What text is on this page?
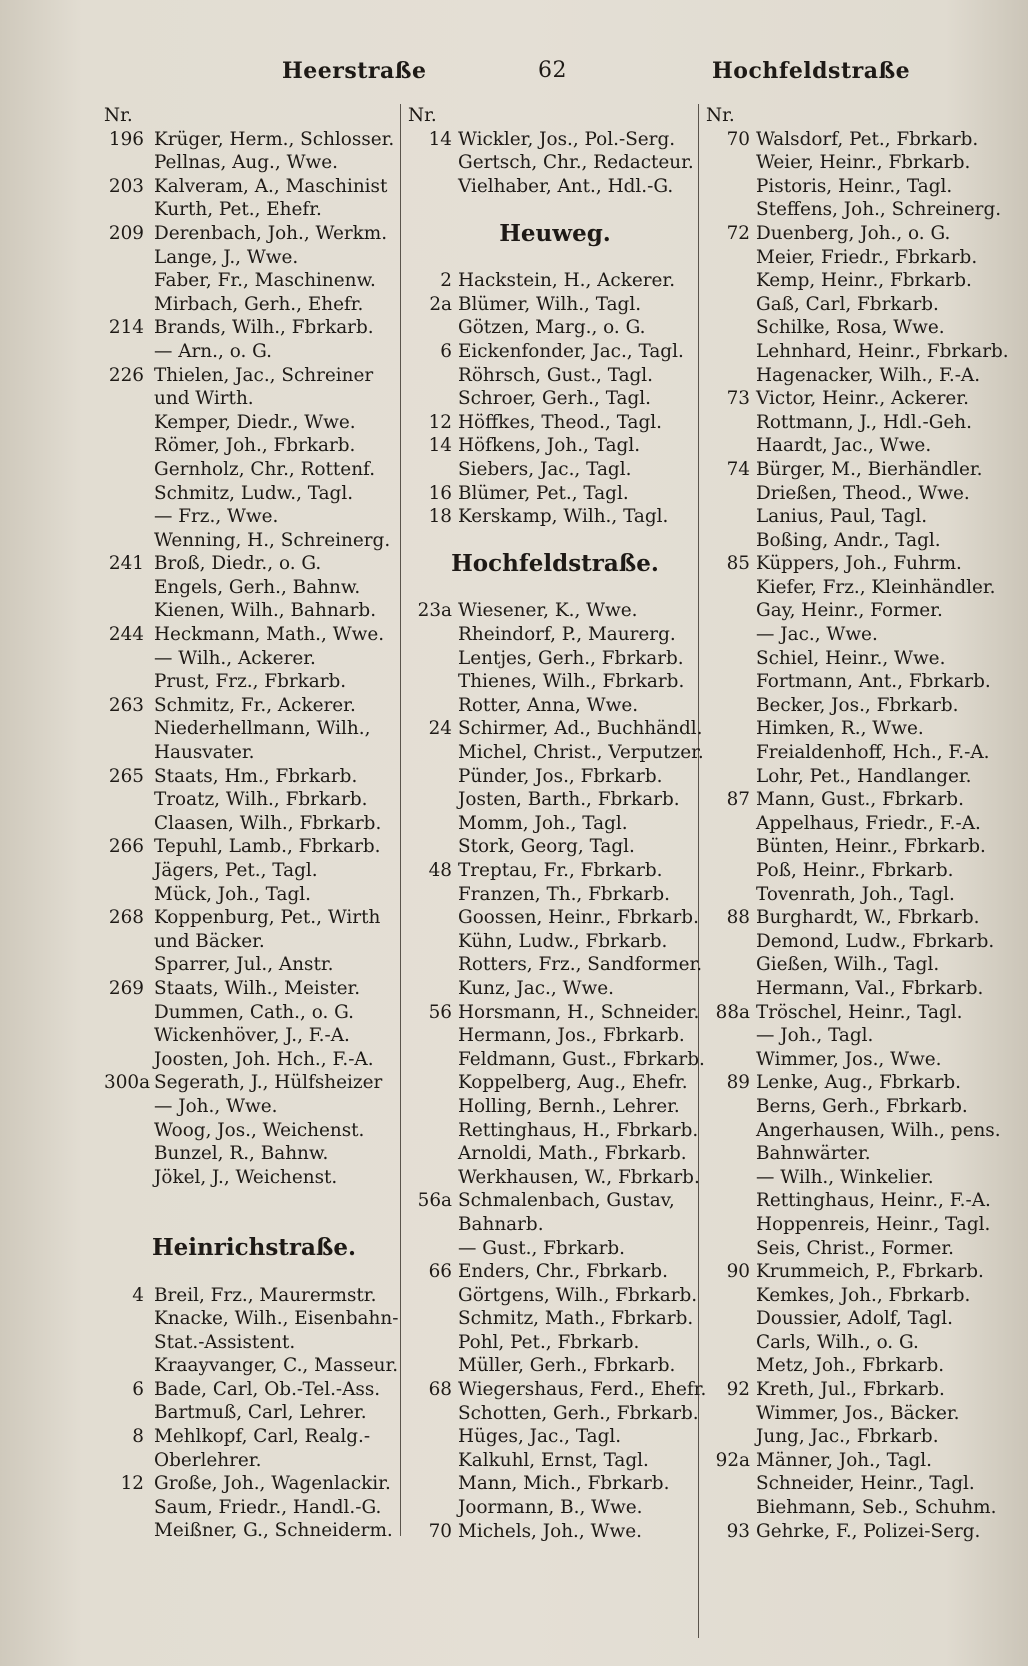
Heerstraße	62	Hochfeldstraße
Nr.
196 Krüger, Herm., Schlosser.
Pellnas, Aug., Wwe.
203 Kalveram, A., Maschinist
Kurth, Pet., Ehefr.
209 Derenbach, Joh., Werkm.
Lange, J., Wwe.
Faber, Fr., Maschinenw.
Mirbach, Gerh., Ehefr.
214 Brands, Wilh., Fbrkarb.
— Arn., o. G.
226 Thielen, Jac., Schreiner
und Wirth.
Kemper, Diedr., Wwe.
Römer, Joh., Fbrkarb.
Gernholz, Chr., Rottenf.
Schmitz, Ludw., Tagl.
— Frz., Wwe.
Wenning, H., Schreinerg.
241 Broß, Diedr., o. G.
Engels, Gerh., Bahnw.
Kienen, Wilh., Bahnarb.
244 Heckmann, Math., Wwe.
— Wilh., Ackerer.
Prust, Frz., Fbrkarb.
263 Schmitz, Fr., Ackerer.
Niederhellmann, Wilh.,
Hausvater.
265 Staats, Hm., Fbrkarb.
Troatz, Wilh., Fbrkarb.
Claasen, Wilh., Fbrkarb.
266 Tepuhl, Lamb., Fbrkarb.
Jägers, Pet., Tagl.
Mück, Joh., Tagl.
268 Koppenburg, Pet., Wirth
und Bäcker.
Sparrer, Jul., Anstr.
269 Staats, Wilh., Meister.
Dummen, Cath., o. G.
Wickenhöver, J., F.-A.
Joosten, Joh. Hch., F.-A.
300a Segerath, J., Hülfsheizer
— Joh., Wwe.
Woog, Jos., Weichenst.
Bunzel, R., Bahnw.
Jökel, J., Weichenst.
Heinrichstraße.
4 Breil, Frz., Maurermstr.
Knacke, Wilh., Eisenbahn-
Stat.-Assistent.
Kraayvanger, C., Masseur.
6 Bade, Carl, Ob.-Tel.-Ass.
Bartmuß, Carl, Lehrer.
8 Mehlkopf, Carl, Realg.-
Oberlehrer.
12 Große, Joh., Wagenlackir.
Saum, Friedr., Handl.-G.
Meißner, G., Schneiderm.
Nr.
14 Wickler, Jos., Pol.-Serg.
Gertsch, Chr., Redacteur.
Vielhaber, Ant., Hdl.-G.
Heuweg.
2 Hackstein, H., Ackerer.
2a Blümer, Wilh., Tagl.
Götzen, Marg., o. G.
6 Eickenfonder, Jac., Tagl.
Röhrsch, Gust., Tagl.
Schroer, Gerh., Tagl.
12 Höffkes, Theod., Tagl.
14 Höfkens, Joh., Tagl.
Siebers, Jac., Tagl.
16 Blümer, Pet., Tagl.
18 Kerskamp, Wilh., Tagl.
Hochfeldstraße.
23a Wiesener, K., Wwe.
Rheindorf, P., Maurerg.
Lentjes, Gerh., Fbrkarb.
Thienes, Wilh., Fbrkarb.
Rotter, Anna, Wwe.
24 Schirmer, Ad., Buchhändl.
Michel, Christ., Verputzer.
Pünder, Jos., Fbrkarb.
Josten, Barth., Fbrkarb.
Momm, Joh., Tagl.
Stork, Georg, Tagl.
48 Treptau, Fr., Fbrkarb.
Franzen, Th., Fbrkarb.
Goossen, Heinr., Fbrkarb.
Kühn, Ludw., Fbrkarb.
Rotters, Frz., Sandformer.
Kunz, Jac., Wwe.
56 Horsmann, H., Schneider.
Hermann, Jos., Fbrkarb.
Feldmann, Gust., Fbrkarb.
Koppelberg, Aug., Ehefr.
Holling, Bernh., Lehrer.
Rettinghaus, H., Fbrkarb.
Arnoldi, Math., Fbrkarb.
Werkhausen, W., Fbrkarb.
56a Schmalenbach, Gustav,
Bahnarb.
— Gust., Fbrkarb.
66 Enders, Chr., Fbrkarb.
Görtgens, Wilh., Fbrkarb.
Schmitz, Math., Fbrkarb.
Pohl, Pet., Fbrkarb.
Müller, Gerh., Fbrkarb.
68 Wiegershaus, Ferd., Ehefr.
Schotten, Gerh., Fbrkarb.
Hüges, Jac., Tagl.
Kalkuhl, Ernst, Tagl.
Mann, Mich., Fbrkarb.
Joormann, B., Wwe.
70 Michels, Joh., Wwe.
Nr.
70 Walsdorf, Pet., Fbrkarb.
Weier, Heinr., Fbrkarb.
Pistoris, Heinr., Tagl.
Steffens, Joh., Schreinerg.
72 Duenberg, Joh., o. G.
Meier, Friedr., Fbrkarb.
Kemp, Heinr., Fbrkarb.
Gaß, Carl, Fbrkarb.
Schilke, Rosa, Wwe.
Lehnhard, Heinr., Fbrkarb.
Hagenacker, Wilh., F.-A.
73 Victor, Heinr., Ackerer.
Rottmann, J., Hdl.-Geh.
Haardt, Jac., Wwe.
74 Bürger, M., Bierhändler.
Drießen, Theod., Wwe.
Lanius, Paul, Tagl.
Boßing, Andr., Tagl.
85 Küppers, Joh., Fuhrm.
Kiefer, Frz., Kleinhändler.
Gay, Heinr., Former.
— Jac., Wwe.
Schiel, Heinr., Wwe.
Fortmann, Ant., Fbrkarb.
Becker, Jos., Fbrkarb.
Himken, R., Wwe.
Freialdenhoff, Hch., F.-A.
Lohr, Pet., Handlanger.
87 Mann, Gust., Fbrkarb.
Appelhaus, Friedr., F.-A.
Bünten, Heinr., Fbrkarb.
Poß, Heinr., Fbrkarb.
Tovenrath, Joh., Tagl.
88 Burghardt, W., Fbrkarb.
Demond, Ludw., Fbrkarb.
Gießen, Wilh., Tagl.
Hermann, Val., Fbrkarb.
88a Tröschel, Heinr., Tagl.
— Joh., Tagl.
Wimmer, Jos., Wwe.
89 Lenke, Aug., Fbrkarb.
Berns, Gerh., Fbrkarb.
Angerhausen, Wilh., pens.
Bahnwärter.
— Wilh., Winkelier.
Rettinghaus, Heinr., F.-A.
Hoppenreis, Heinr., Tagl.
Seis, Christ., Former.
90 Krummeich, P., Fbrkarb.
Kemkes, Joh., Fbrkarb.
Doussier, Adolf, Tagl.
Carls, Wilh., o. G.
Metz, Joh., Fbrkarb.
92 Kreth, Jul., Fbrkarb.
Wimmer, Jos., Bäcker.
Jung, Jac., Fbrkarb.
92a Männer, Joh., Tagl.
Schneider, Heinr., Tagl.
Biehmann, Seb., Schuhm.
93 Gehrke, F., Polizei-Serg.
